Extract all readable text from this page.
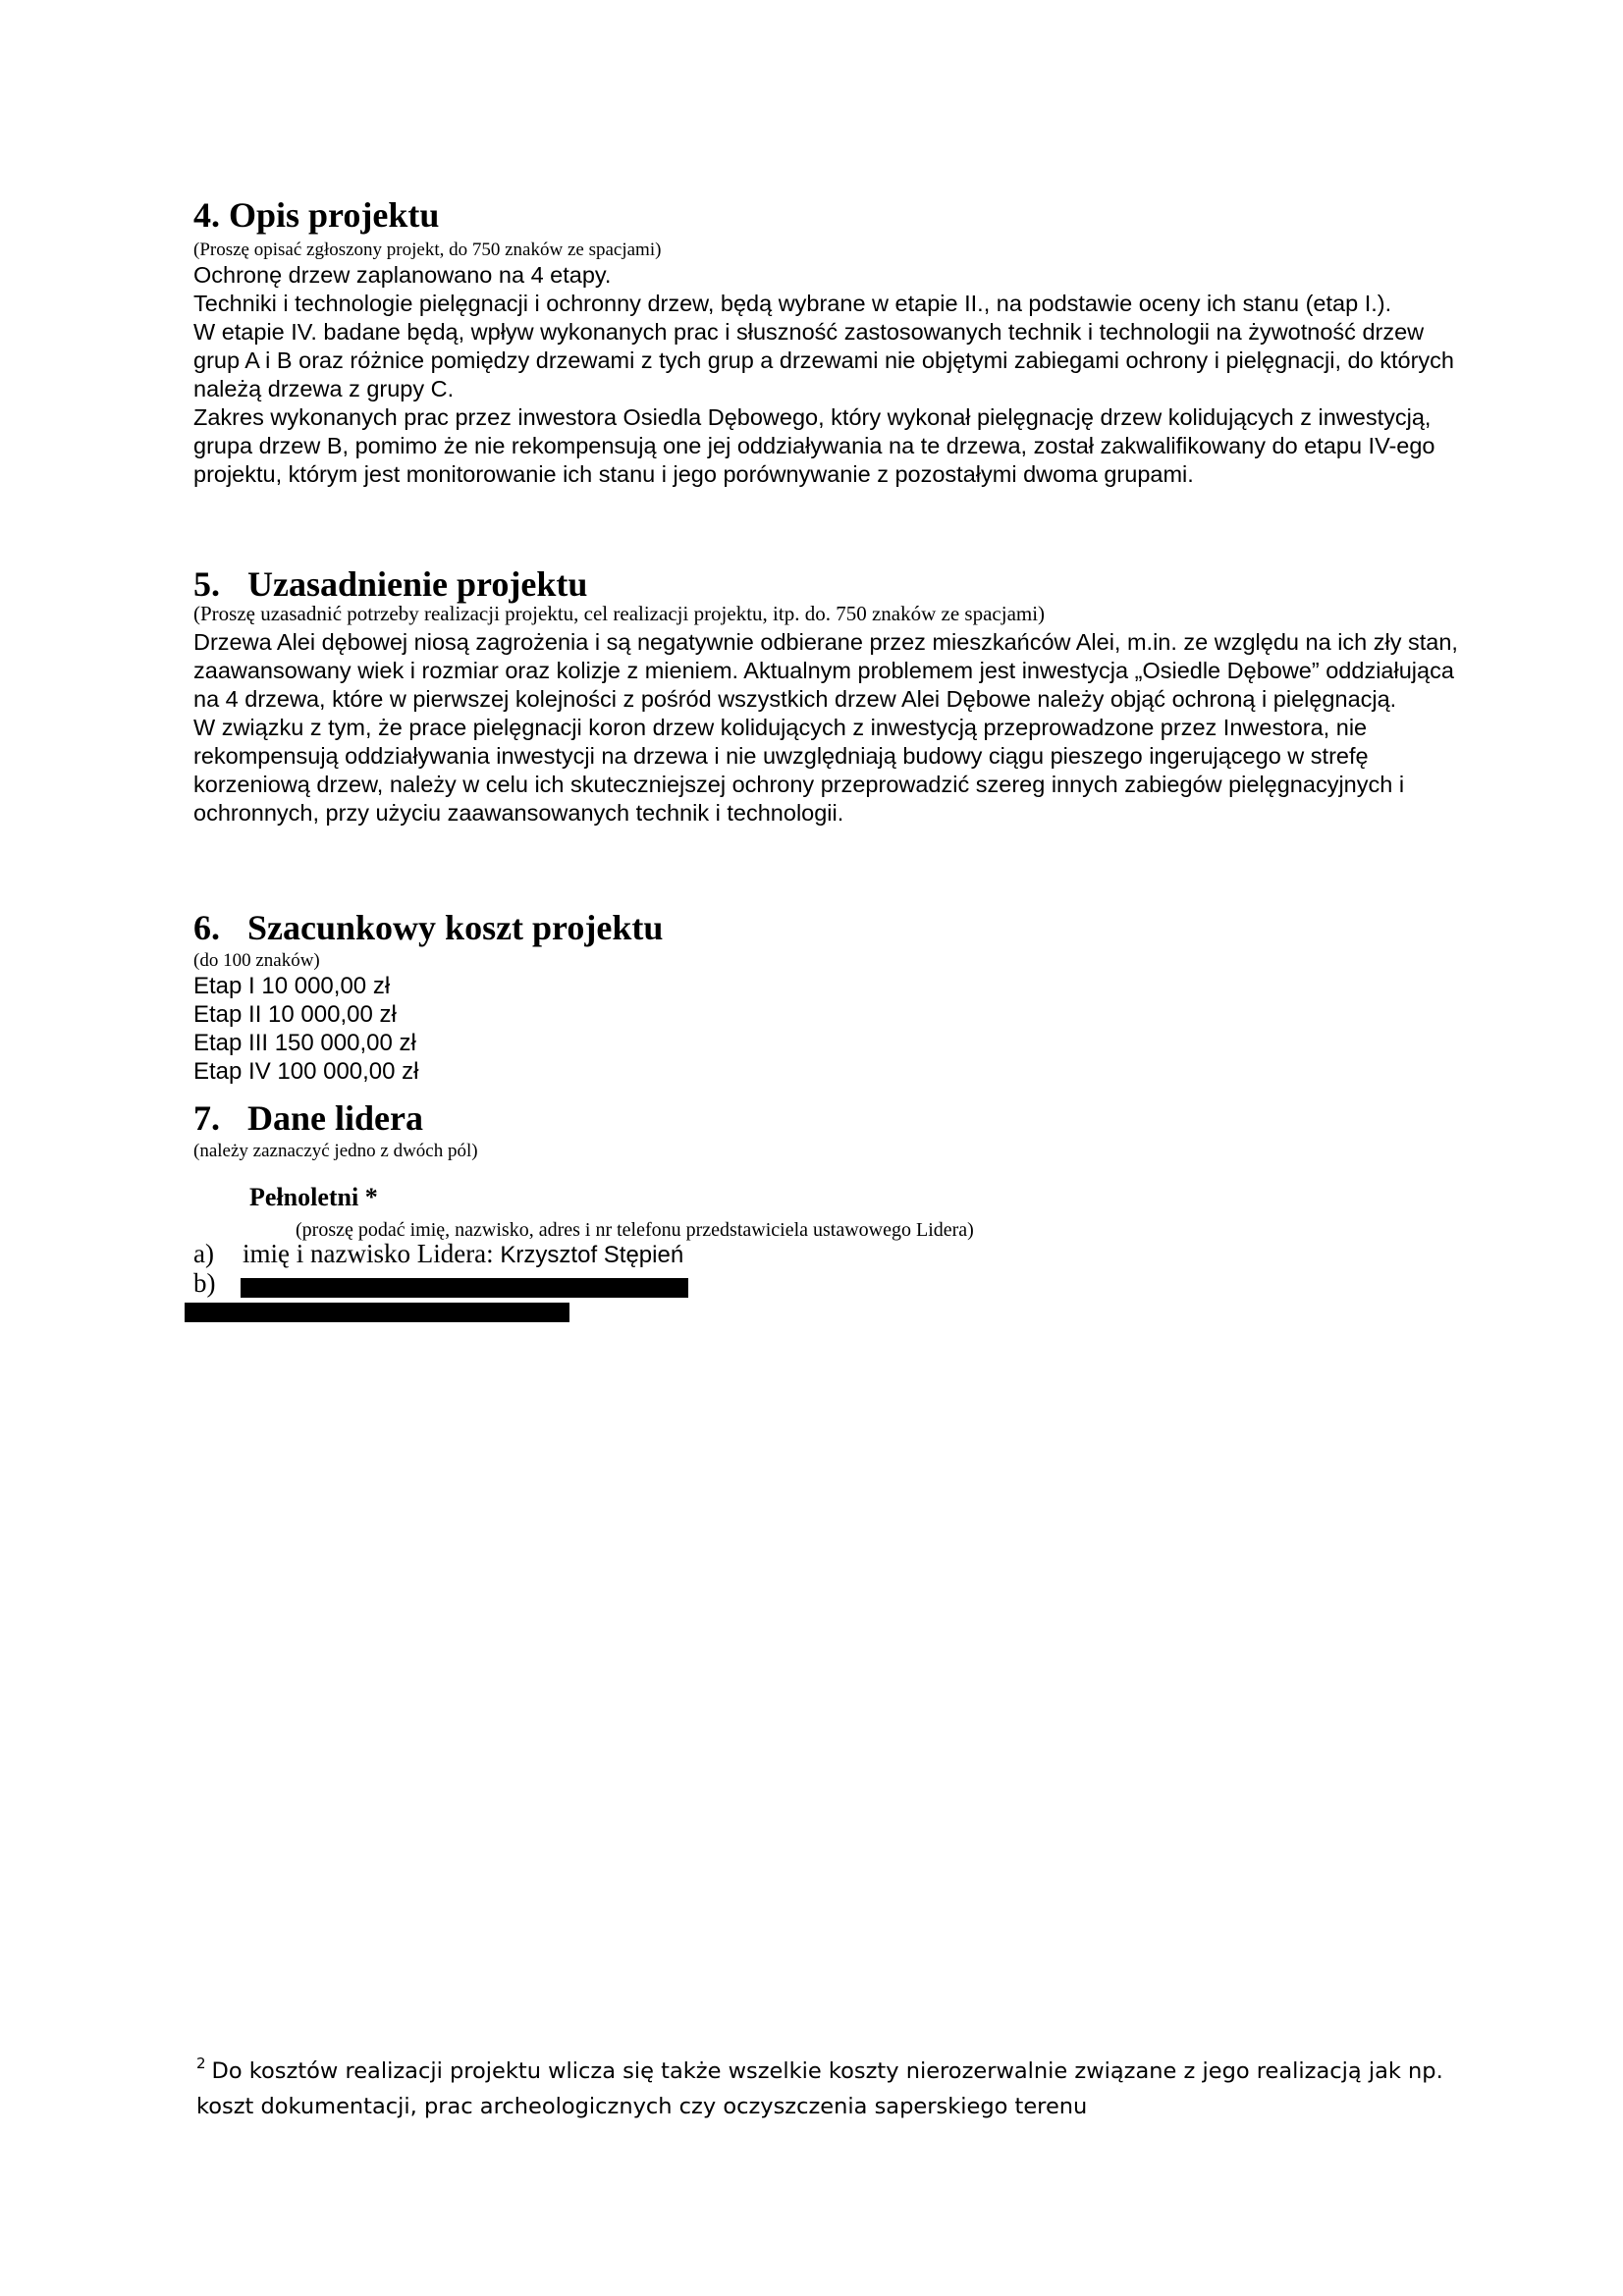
4. Opis projektu
(Proszę opisać zgłoszony projekt, do 750 znaków ze spacjami)

Ochronę drzew zaplanowano na 4 etapy.

Techniki i technologie pielęgnacji i ochronny drzew, będą wybrane w etapie II., na podstawie oceny ich stanu (etap I.).

W etapie IV. badane będą, wpływ wykonanych prac i słuszność zastosowanych technik i technologii na żywotność drzew grup A i B oraz różnice pomiędzy drzewami z tych grup a drzewami nie objętymi zabiegami ochrony i pielęgnacji, do których należą drzewa z grupy C.

Zakres wykonanych prac przez inwestora Osiedla Dębowego, który wykonał pielęgnację drzew kolidujących z inwestycją, grupa drzew B, pomimo że nie rekompensują one jej oddziaływania na te drzewa, został zakwalifikowany do etapu IV-ego projektu, którym jest monitorowanie ich stanu i jego porównywanie z pozostałymi dwoma grupami.

5. Uzasadnienie projektu
(Proszę uzasadnić potrzeby realizacji projektu, cel realizacji projektu, itp. do. 750 znaków ze spacjami)

Drzewa Alei dębowej niosą zagrożenia i są negatywnie odbierane przez mieszkańców Alei, m.in. ze względu na ich zły stan, zaawansowany wiek i rozmiar oraz kolizje z mieniem. Aktualnym problemem jest inwestycja „Osiedle Dębowe” oddziałująca na 4 drzewa, które w pierwszej kolejności z pośród wszystkich drzew Alei Dębowe należy objąć ochroną i pielęgnacją.

W związku z tym, że prace pielęgnacji koron drzew kolidujących z inwestycją przeprowadzone przez Inwestora, nie rekompensują oddziaływania inwestycji na drzewa i nie uwzględniają budowy ciągu pieszego ingerującego w strefę korzeniową drzew, należy w celu ich skuteczniejszej ochrony przeprowadzić szereg innych zabiegów pielęgnacyjnych i ochronnych, przy użyciu zaawansowanych technik i technologii.

6. Szacunkowy koszt projektu
(do 100 znaków)

Etap I 10 000,00 zł

Etap II 10 000,00 zł

Etap III 150 000,00 zł

Etap IV 100 000,00 zł

7. Dane lidera
(należy zaznaczyć jedno z dwóch pól)
Pełnoletni *
(proszę podać imię, nazwisko, adres i nr telefonu przedstawiciela ustawowego Lidera)
a) imię i nazwisko Lidera: Krzysztof Stępień
b)
$^2$ Do kosztów realizacji projektu wlicza się także wszelkie koszty nierozerwalnie związane z jego realizacją jak np. koszt dokumentacji, prac archeologicznych czy oczyszczenia saperskiego terenu
